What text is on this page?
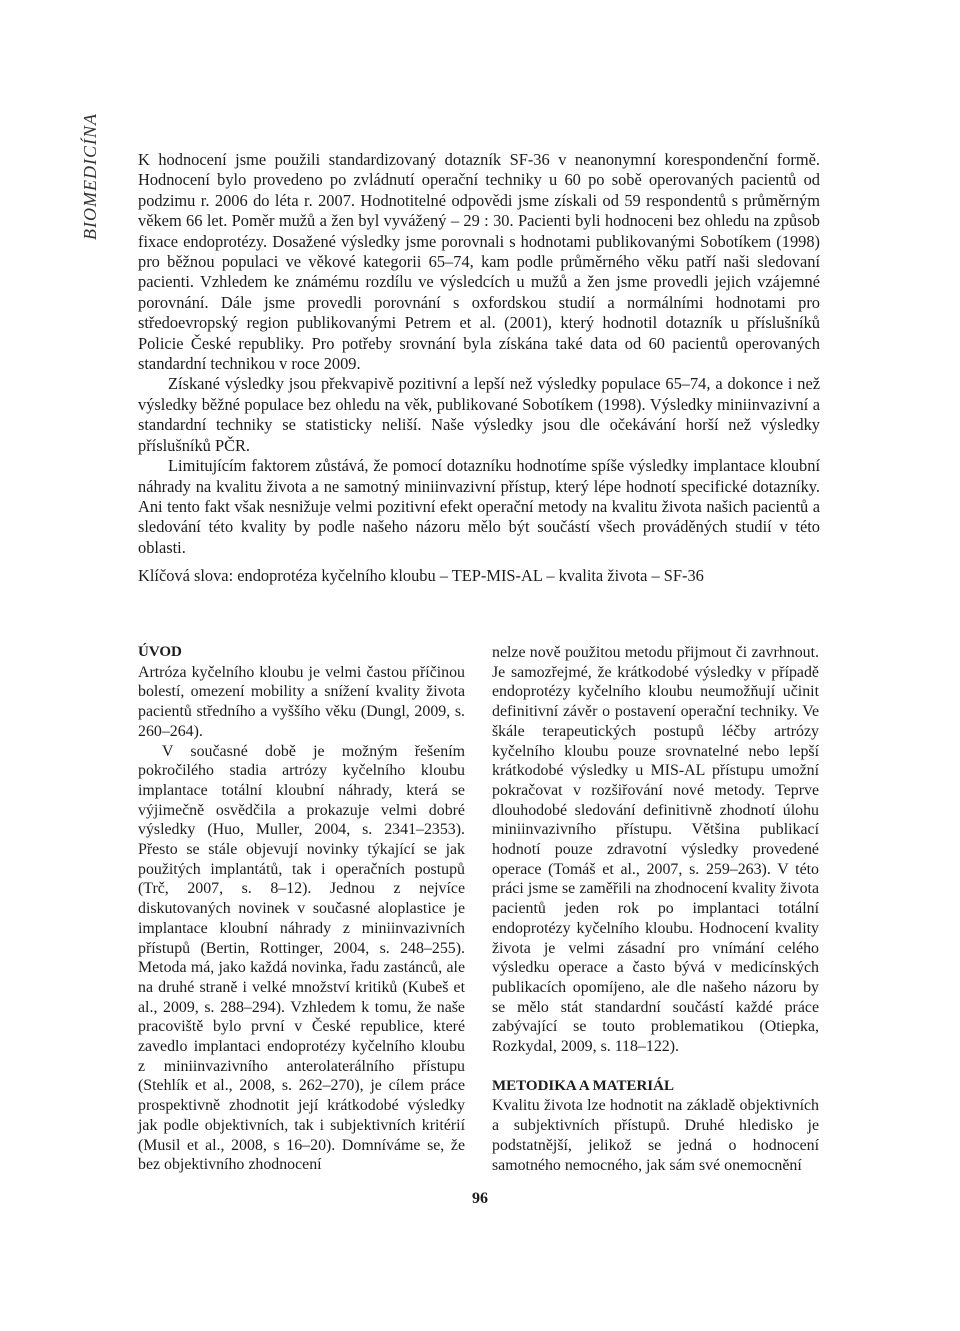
BIOMEDICÍNA K hodnocení jsme použili standardizovaný dotazník SF-36 v neanonymní korespondenční formě. Hodnocení bylo provedeno po zvládnutí operační techniky u 60 po sobě operovaných pacientů od podzimu r. 2006 do léta r. 2007. Hodnotitelné odpovědi jsme získali od 59 respondentů s průměrným věkem 66 let. Poměr mužů a žen byl vyvážený – 29 : 30. Pacienti byli hodnoceni bez ohledu na způsob fixace endoprotézy. Dosažené výsledky jsme porovnali s hodnotami publikovanými Sobotíkem (1998) pro běžnou populaci ve věkové kategorii 65–74, kam podle průměrného věku patří naši sledovaní pacienti. Vzhledem ke známému rozdílu ve výsledcích u mužů a žen jsme provedli jejich vzájemné porovnání. Dále jsme provedli porovnání s oxfordskou studií a normálními hodnotami pro středoevropský region publikovanými Petrem et al. (2001), který hodnotil dotazník u příslušníků Policie České republiky. Pro potřeby srovnání byla získána také data od 60 pacientů operovaných standardní technikou v roce 2009.

Získané výsledky jsou překvapivě pozitivní a lepší než výsledky populace 65–74, a dokonce i než výsledky běžné populace bez ohledu na věk, publikované Sobotíkem (1998). Výsledky miniinvazivní a standardní techniky se statisticky neliší. Naše výsledky jsou dle očekávání horší než výsledky příslušníků PČR.

Limitujícím faktorem zůstává, že pomocí dotazníku hodnotíme spíše výsledky implantace kloubní náhrady na kvalitu života a ne samotný miniinvazivní přístup, který lépe hodnotí specifické dotazníky. Ani tento fakt však nesnižuje velmi pozitivní efekt operační metody na kvalitu života našich pacientů a sledování této kvality by podle našeho názoru mělo být součástí všech prováděných studií v této oblasti.

Klíčová slova: endoprotéza kyčelního kloubu – TEP-MIS-AL – kvalita života – SF-36

ÚVOD

Artróza kyčelního kloubu je velmi častou příčinou bolestí, omezení mobility a snížení kvality života pacientů středního a vyššího věku (Dungl, 2009, s. 260–264).

V současné době je možným řešením pokročilého stadia artrózy kyčelního kloubu implantace totální kloubní náhrady, která se výjimečně osvědčila a prokazuje velmi dobré výsledky (Huo, Muller, 2004, s. 2341–2353). Přesto se stále objevují novinky týkající se jak použitých implantátů, tak i operačních postupů (Trč, 2007, s. 8–12). Jednou z nejvíce diskutovaných novinek v současné aloplastice je implantace kloubní náhrady z miniinvazivních přístupů (Bertin, Rottinger, 2004, s. 248–255). Metoda má, jako každá novinka, řadu zastánců, ale na druhé straně i velké množství kritiků (Kubeš et al., 2009, s. 288–294). Vzhledem k tomu, že naše pracoviště bylo první v České republice, které zavedlo implantaci endoprotézy kyčelního kloubu z miniinvazivního anterolaterálního přístupu (Stehlík et al., 2008, s. 262–270), je cílem práce prospektivně zhodnotit její krátkodobé výsledky jak podle objektivních, tak i subjektivních kritérií (Musil et al., 2008, s 16–20). Domníváme se, že bez objektivního zhodnocení

nelze nově použitou metodu přijmout či zavrhnout. Je samozřejmé, že krátkodobé výsledky v případě endoprotézy kyčelního kloubu neumožňují učinit definitivní závěr o postavení operační techniky. Ve škále terapeutických postupů léčby artrózy kyčelního kloubu pouze srovnatelné nebo lepší krátkodobé výsledky u MIS-AL přístupu umožní pokračovat v rozšiřování nové metody. Teprve dlouhodobé sledování definitivně zhodnotí úlohu miniinvazivního přístupu. Většina publikací hodnotí pouze zdravotní výsledky provedené operace (Tomáš et al., 2007, s. 259–263). V této práci jsme se zaměřili na zhodnocení kvality života pacientů jeden rok po implantaci totální endoprotézy kyčelního kloubu. Hodnocení kvality života je velmi zásadní pro vnímání celého výsledku operace a často bývá v medicínských publikacích opomíjeno, ale dle našeho názoru by se mělo stát standardní součástí každé práce zabývající se touto problematikou (Otiepka, Rozkydal, 2009, s. 118–122).

METODIKA A MATERIÁL

Kvalitu života lze hodnotit na základě objektivních a subjektivních přístupů. Druhé hledisko je podstatnější, jelikož se jedná o hodnocení samotného nemocného, jak sám své onemocnění

96
